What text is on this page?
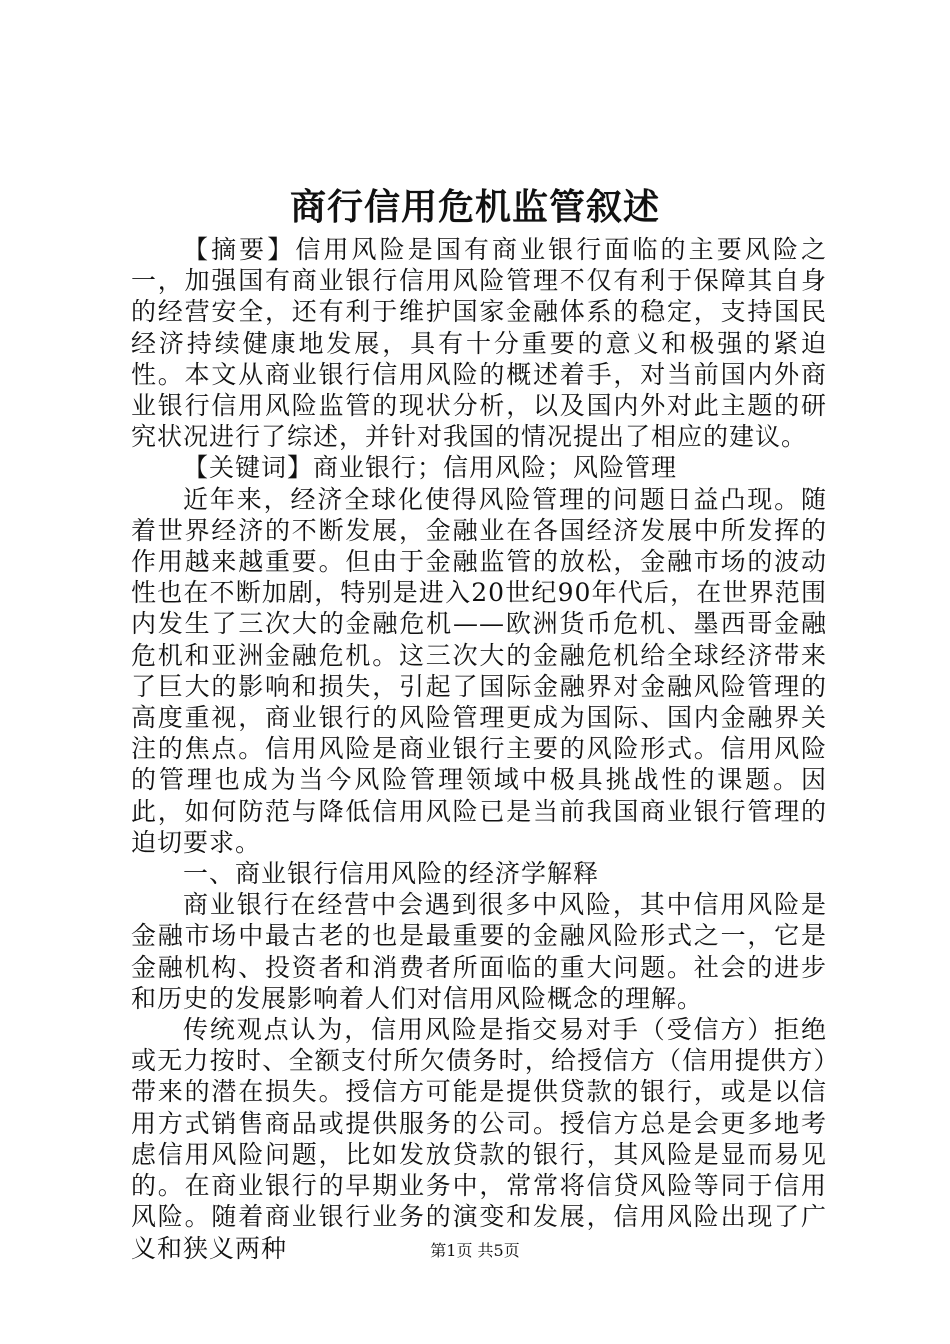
商行信用危机监管叙述

【摘要】信用风险是国有商业银行面临的主要风险之一，加强国有商业银行信用风险管理不仅有利于保障其自身的经营安全，还有利于维护国家金融体系的稳定，支持国民经济持续健康地发展，具有十分重要的意义和极强的紧迫性。本文从商业银行信用风险的概述着手，对当前国内外商业银行信用风险监管的现状分析，以及国内外对此主题的研究状况进行了综述，并针对我国的情况提出了相应的建议。

【关键词】商业银行；信用风险；风险管理

近年来，经济全球化使得风险管理的问题日益凸现。随着世界经济的不断发展，金融业在各国经济发展中所发挥的作用越来越重要。但由于金融监管的放松，金融市场的波动性也在不断加剧，特别是进入20世纪90年代后，在世界范围内发生了三次大的金融危机——欧洲货币危机、墨西哥金融危机和亚洲金融危机。这三次大的金融危机给全球经济带来了巨大的影响和损失，引起了国际金融界对金融风险管理的高度重视，商业银行的风险管理更成为国际、国内金融界关注的焦点。信用风险是商业银行主要的风险形式。信用风险的管理也成为当今风险管理领域中极具挑战性的课题。因此，如何防范与降低信用风险已是当前我国商业银行管理的迫切要求。

一、商业银行信用风险的经济学解释

商业银行在经营中会遇到很多中风险，其中信用风险是金融市场中最古老的也是最重要的金融风险形式之一，它是金融机构、投资者和消费者所面临的重大问题。社会的进步和历史的发展影响着人们对信用风险概念的理解。

传统观点认为，信用风险是指交易对手（受信方）拒绝或无力按时、全额支付所欠债务时，给授信方（信用提供方）带来的潜在损失。授信方可能是提供贷款的银行，或是以信用方式销售商品或提供服务的公司。授信方总是会更多地考虑信用风险问题，比如发放贷款的银行，其风险是显而易见的。在商业银行的早期业务中，常常将信贷风险等同于信用风险。随着商业银行业务的演变和发展，信用风险出现了广义和狭义两种	第1页 共5页
